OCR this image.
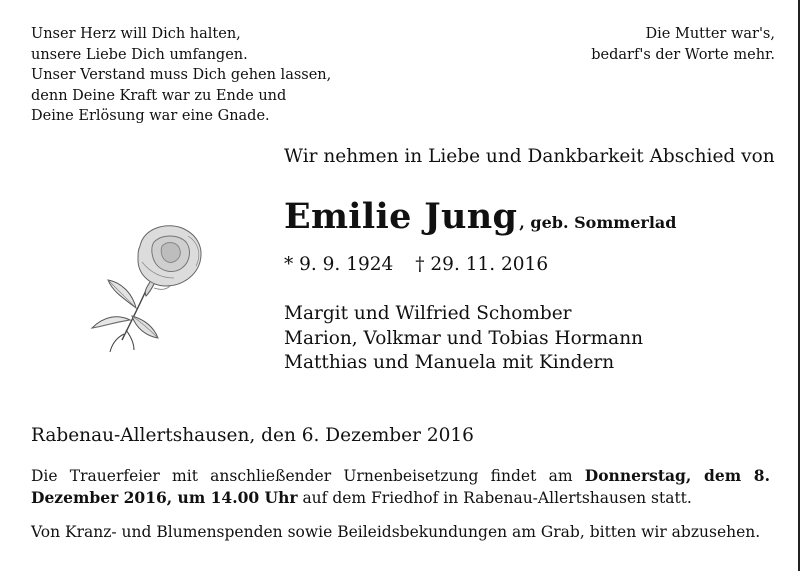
Unser Herz will Dich halten,
unsere Liebe Dich umfangen.
Unser Verstand muss Dich gehen lassen,
denn Deine Kraft war zu Ende und
Deine Erlösung war eine Gnade.
Die Mutter war's,
bedarf's der Worte mehr.
Wir nehmen in Liebe und Dankbarkeit Abschied von
Emilie Jung , geb. Sommerlad
* 9. 9. 1924 † 29. 11. 2016
Margit und Wilfried Schomber
Marion, Volkmar und Tobias Hormann
Matthias und Manuela mit Kindern
Rabenau-Allertshausen, den 6. Dezember 2016
Die Trauerfeier mit anschließender Urnenbeisetzung findet am Donnerstag, dem 8. Dezember 2016, um 14.00 Uhr auf dem Friedhof in Rabenau-Allertshausen statt.
Von Kranz- und Blumenspenden sowie Beileidsbekundungen am Grab, bitten wir abzusehen.
